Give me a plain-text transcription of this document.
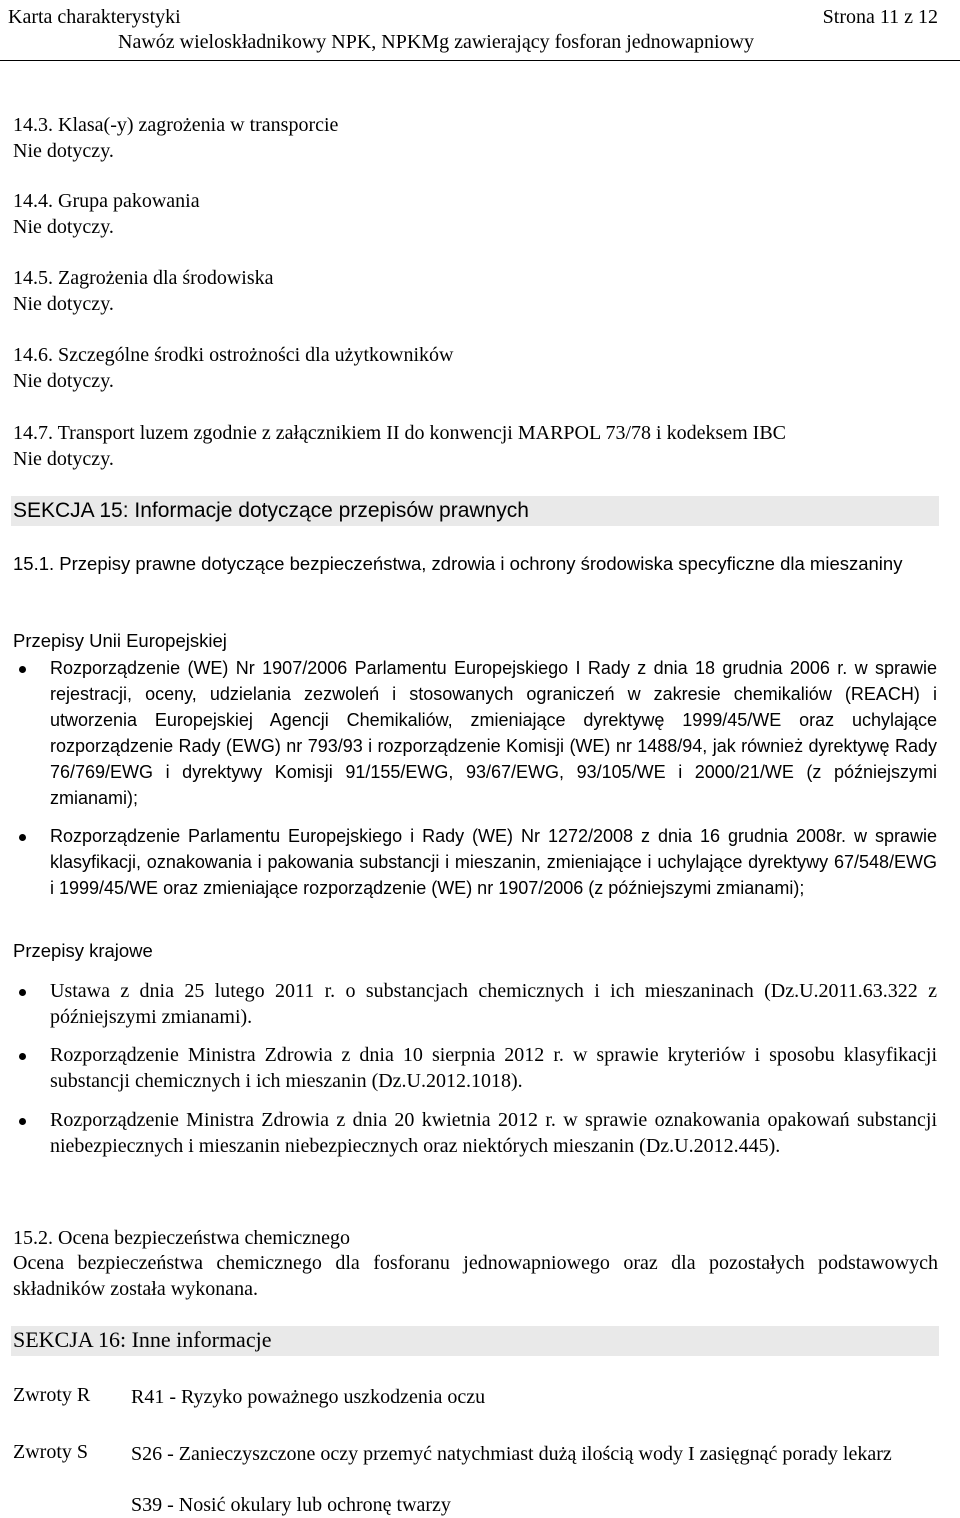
Karta charakterystyki	Strona 11 z 12
Nawóz wieloskładnikowy NPK, NPKMg zawierający fosforan jednowapniowy
14.3. Klasa(-y) zagrożenia w transporcie
Nie dotyczy.
14.4. Grupa pakowania
Nie dotyczy.
14.5. Zagrożenia dla środowiska
Nie dotyczy.
14.6. Szczególne środki ostrożności dla użytkowników
Nie dotyczy.
14.7. Transport luzem zgodnie z załącznikiem II do konwencji MARPOL 73/78 i kodeksem IBC
Nie dotyczy.
SEKCJA 15: Informacje dotyczące przepisów prawnych
15.1. Przepisy prawne dotyczące bezpieczeństwa, zdrowia i ochrony środowiska specyficzne dla mieszaniny
Przepisy Unii Europejskiej
Rozporządzenie (WE) Nr 1907/2006 Parlamentu Europejskiego I Rady z dnia 18 grudnia 2006 r. w sprawie rejestracji, oceny, udzielania zezwoleń i stosowanych ograniczeń w zakresie chemikaliów (REACH) i utworzenia Europejskiej Agencji Chemikaliów, zmieniające dyrektywę 1999/45/WE oraz uchylające rozporządzenie Rady (EWG) nr 793/93 i rozporządzenie Komisji (WE) nr 1488/94, jak również dyrektywę Rady 76/769/EWG i dyrektywy Komisji 91/155/EWG, 93/67/EWG, 93/105/WE i 2000/21/WE (z późniejszymi zmianami);
Rozporządzenie Parlamentu Europejskiego i Rady (WE) Nr 1272/2008 z dnia 16 grudnia 2008r. w sprawie klasyfikacji, oznakowania i pakowania substancji i mieszanin, zmieniające i uchylające dyrektywy 67/548/EWG i 1999/45/WE oraz zmieniające rozporządzenie (WE) nr 1907/2006 (z późniejszymi zmianami);
Przepisy krajowe
Ustawa z dnia 25 lutego 2011 r. o substancjach chemicznych i ich mieszaninach (Dz.U.2011.63.322 z późniejszymi zmianami).
Rozporządzenie Ministra Zdrowia z dnia 10 sierpnia 2012 r. w sprawie kryteriów i sposobu klasyfikacji substancji chemicznych i ich mieszanin (Dz.U.2012.1018).
Rozporządzenie Ministra Zdrowia z dnia 20 kwietnia 2012 r. w sprawie oznakowania opakowań substancji niebezpiecznych i mieszanin niebezpiecznych oraz niektórych mieszanin (Dz.U.2012.445).
15.2. Ocena bezpieczeństwa chemicznego
Ocena bezpieczeństwa chemicznego dla fosforanu jednowapniowego oraz dla pozostałych podstawowych składników została wykonana.
SEKCJA 16: Inne informacje
Zwroty R R41 - Ryzyko poważnego uszkodzenia oczu
Zwroty S S26 - Zanieczyszczone oczy przemyć natychmiast dużą ilością wody I zasięgnąć porady lekarz
S39 - Nosić okulary lub ochronę twarzy
